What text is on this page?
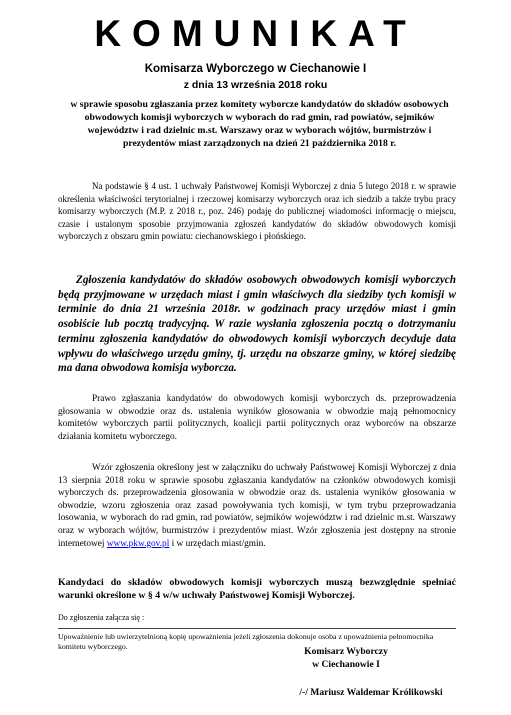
KOMUNIKAT
Komisarza Wyborczego w Ciechanowie I
z dnia 13 września 2018 roku
w sprawie sposobu zgłaszania przez komitety wyborcze kandydatów do składów osobowych obwodowych komisji wyborczych w wyborach do rad gmin, rad powiatów, sejmików województw i rad dzielnic m.st. Warszawy oraz w wyborach wójtów, burmistrzów i prezydentów miast zarządzonych na dzień 21 października 2018 r.
Na podstawie § 4 ust. 1 uchwały Państwowej Komisji Wyborczej z dnia 5 lutego 2018 r. w sprawie określenia właściwości terytorialnej i rzeczowej komisarzy wyborczych oraz ich siedzib a także trybu pracy komisarzy wyborczych (M.P. z 2018 r., poz. 246) podaję do publicznej wiadomości informację o miejscu, czasie i ustalonym sposobie przyjmowania zgłoszeń kandydatów do składów obwodowych komisji wyborczych z obszaru gmin powiatu: ciechanowskiego i płońskiego.
Zgłoszenia kandydatów do składów osobowych obwodowych komisji wyborczych będą przyjmowane w urzędach miast i gmin właściwych dla siedziby tych komisji w terminie do dnia 21 września 2018r. w godzinach pracy urzędów miast i gmin osobiście lub pocztą tradycyjną. W razie wysłania zgłoszenia pocztą o dotrzymaniu terminu zgłoszenia kandydatów do obwodowych komisji wyborczych decyduje data wpływu do właściwego urzędu gminy, tj. urzędu na obszarze gminy, w której siedzibę ma dana obwodowa komisja wyborcza.
Prawo zgłaszania kandydatów do obwodowych komisji wyborczych ds. przeprowadzenia głosowania w obwodzie oraz ds. ustalenia wyników głosowania w obwodzie mają pełnomocnicy komitetów wyborczych partii politycznych, koalicji partii politycznych oraz wyborców na obszarze działania komitetu wyborczego.
Wzór zgłoszenia określony jest w załączniku do uchwały Państwowej Komisji Wyborczej z dnia 13 sierpnia 2018 roku w sprawie sposobu zgłaszania kandydatów na członków obwodowych komisji wyborczych ds. przeprowadzenia głosowania w obwodzie oraz ds. ustalenia wyników głosowania w obwodzie, wzoru zgłoszenia oraz zasad powoływania tych komisji, w tym trybu przeprowadzania losowania, w wyborach do rad gmin, rad powiatów, sejmików województw i rad dzielnic m.st. Warszawy oraz w wyborach wójtów, burmistrzów i prezydentów miast. Wzór zgłoszenia jest dostępny na stronie internetowej www.pkw.gov.pl i w urzędach miast/gmin.
Kandydaci do składów obwodowych komisji wyborczych muszą bezwzględnie spełniać warunki określone w § 4 w/w uchwały Państwowej Komisji Wyborczej.
Do zgłoszenia załącza się :
Upoważnienie lub uwierzytelnioną kopię upoważnienia jeżeli zgłoszenia dokonuje osoba z upoważnienia pełnomocnika komitetu wyborczego.	Komisarz Wyborczy
w Ciechanowie I
/-/ Mariusz Waldemar Królikowski
